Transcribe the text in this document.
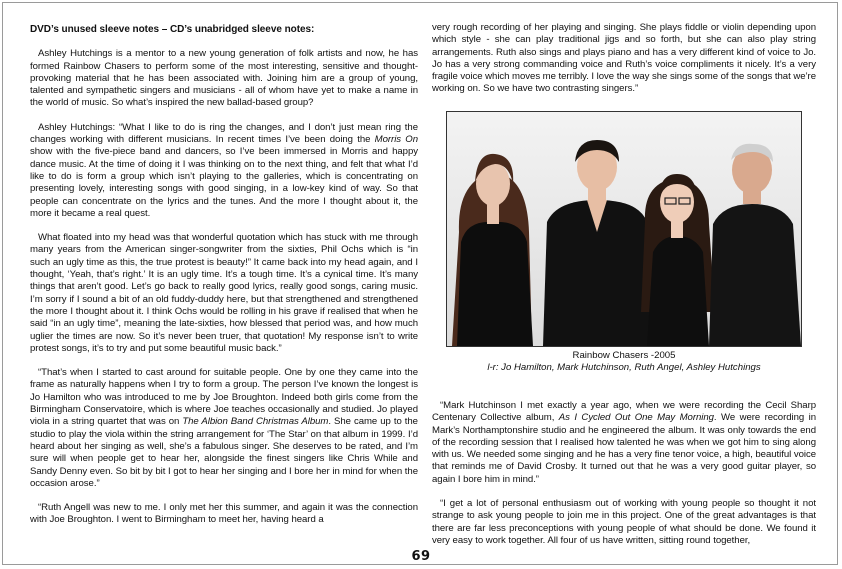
DVD’s unused sleeve notes – CD’s unabridged sleeve notes:

Ashley Hutchings is a mentor to a new young generation of folk artists and now, he has formed Rainbow Chasers to perform some of the most interesting, sensitive and thought-provoking material that he has been associated with. Joining him are a group of young, talented and sympathetic singers and musicians - all of whom have yet to make a name in the world of music. So what’s inspired the new ballad-based group?

Ashley Hutchings: “What I like to do is ring the changes, and I don’t just mean ring the changes working with different musicians. In recent times I’ve been doing the Morris On show with the five-piece band and dancers, so I’ve been immersed in Morris and happy dance music. At the time of doing it I was thinking on to the next thing, and felt that what I’d like to do is form a group which isn’t playing to the galleries, which is concentrating on presenting lovely, interesting songs with good singing, in a low-key kind of way. So that people can concentrate on the lyrics and the tunes. And the more I thought about it, the more it became a real quest.

What floated into my head was that wonderful quotation which has stuck with me through many years from the American singer-songwriter from the sixties, Phil Ochs which is “in such an ugly time as this, the true protest is beauty!” It came back into my head again, and I thought, ‘Yeah, that’s right.’ It is an ugly time. It’s a tough time. It’s a cynical time. It’s many things that aren’t good. Let’s go back to really good lyrics, really good songs, caring music. I’m sorry if I sound a bit of an old fuddy-duddy here, but that strengthened and strengthened the more I thought about it. I think Ochs would be rolling in his grave if realised that when he said “in an ugly time”, meaning the late-sixties, how blessed that period was, and how much uglier the times are now. So it’s never been truer, that quotation! My response isn’t to write protest songs, it’s to try and put some beautiful music back.”

“That’s when I started to cast around for suitable people. One by one they came into the frame as naturally happens when I try to form a group. The person I’ve known the longest is Jo Hamilton who was introduced to me by Joe Broughton. Indeed both girls come from the Birmingham Conservatoire, which is where Joe teaches occasionally and studied. Jo played viola in a string quartet that was on The Albion Band Christmas Album. She came up to the studio to play the viola within the string arrangement for ‘The Star’ on that album in 1999. I’d heard about her singing as well, she’s a fabulous singer. She deserves to be rated, and I’m sure will when people get to hear her, alongside the finest singers like Chris While and Sandy Denny even. So bit by bit I got to hear her singing and I bore her in mind for when the occasion arose.”

“Ruth Angell was new to me. I only met her this summer, and again it was the connection with Joe Broughton. I went to Birmingham to meet her, having heard a

very rough recording of her playing and singing. She plays fiddle or violin depending upon which style - she can play traditional jigs and so forth, but she can also play string arrangements. Ruth also sings and plays piano and has a very different kind of voice to Jo. Jo has a very strong commanding voice and Ruth’s voice compliments it nicely. It’s a very fragile voice which moves me terribly. I love the way she sings some of the songs that we’re working on. So we have two contrasting singers.”

Rainbow Chasers -2005
l-r: Jo Hamilton, Mark Hutchinson, Ruth Angel, Ashley Hutchings

“Mark Hutchinson I met exactly a year ago, when we were recording the Cecil Sharp Centenary Collective album, As I Cycled Out One May Morning. We were recording in Mark’s Northamptonshire studio and he engineered the album. It was only towards the end of the recording session that I realised how talented he was when we got him to sing along with us. We needed some singing and he has a very fine tenor voice, a high, beautiful voice that reminds me of David Crosby. It turned out that he was a very good guitar player, so again I bore him in mind.”

“I get a lot of personal enthusiasm out of working with young people so thought it not strange to ask young people to join me in this project. One of the great advantages is that there are far less preconceptions with young people of what should be done. We found it very easy to work together. All four of us have written, sitting round together,

69
